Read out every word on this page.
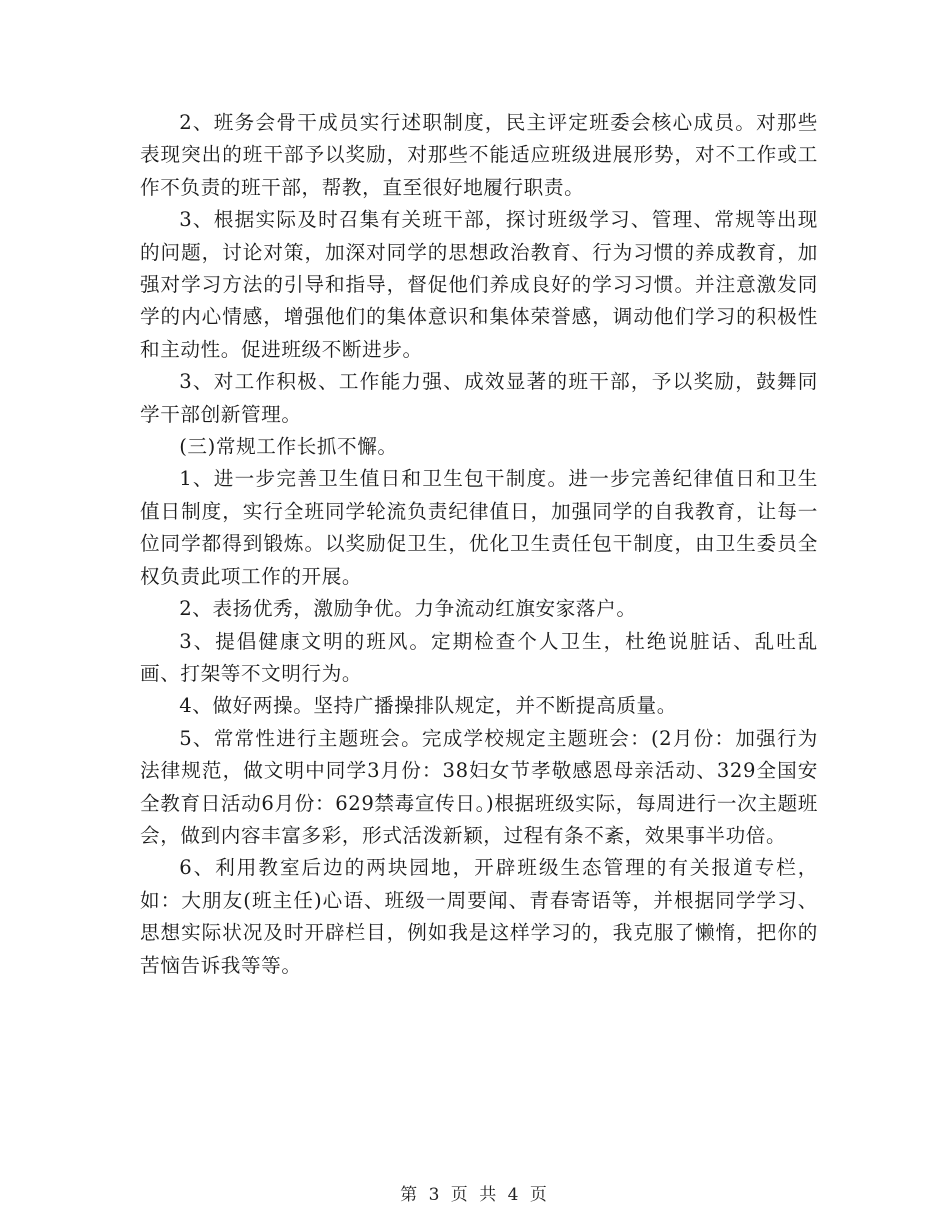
2、班务会骨干成员实行述职制度，民主评定班委会核心成员。对那些表现突出的班干部予以奖励，对那些不能适应班级进展形势，对不工作或工作不负责的班干部，帮教，直至很好地履行职责。

3、根据实际及时召集有关班干部，探讨班级学习、管理、常规等出现的问题，讨论对策，加深对同学的思想政治教育、行为习惯的养成教育，加强对学习方法的引导和指导，督促他们养成良好的学习习惯。并注意激发同学的内心情感，增强他们的集体意识和集体荣誉感，调动他们学习的积极性和主动性。促进班级不断进步。

3、对工作积极、工作能力强、成效显著的班干部，予以奖励，鼓舞同学干部创新管理。

(三)常规工作长抓不懈。

1、进一步完善卫生值日和卫生包干制度。进一步完善纪律值日和卫生值日制度，实行全班同学轮流负责纪律值日，加强同学的自我教育，让每一位同学都得到锻炼。以奖励促卫生，优化卫生责任包干制度，由卫生委员全权负责此项工作的开展。

2、表扬优秀，激励争优。力争流动红旗安家落户。

3、提倡健康文明的班风。定期检查个人卫生，杜绝说脏话、乱吐乱画、打架等不文明行为。

4、做好两操。坚持广播操排队规定，并不断提高质量。

5、常常性进行主题班会。完成学校规定主题班会：(2月份：加强行为法律规范，做文明中同学3月份：38妇女节孝敬感恩母亲活动、329全国安全教育日活动6月份：629禁毒宣传日。)根据班级实际，每周进行一次主题班会，做到内容丰富多彩，形式活泼新颖，过程有条不紊，效果事半功倍。

6、利用教室后边的两块园地，开辟班级生态管理的有关报道专栏，如：大朋友(班主任)心语、班级一周要闻、青春寄语等，并根据同学学习、思想实际状况及时开辟栏目，例如我是这样学习的，我克服了懒惰，把你的苦恼告诉我等等。

第 3 页 共 4 页
